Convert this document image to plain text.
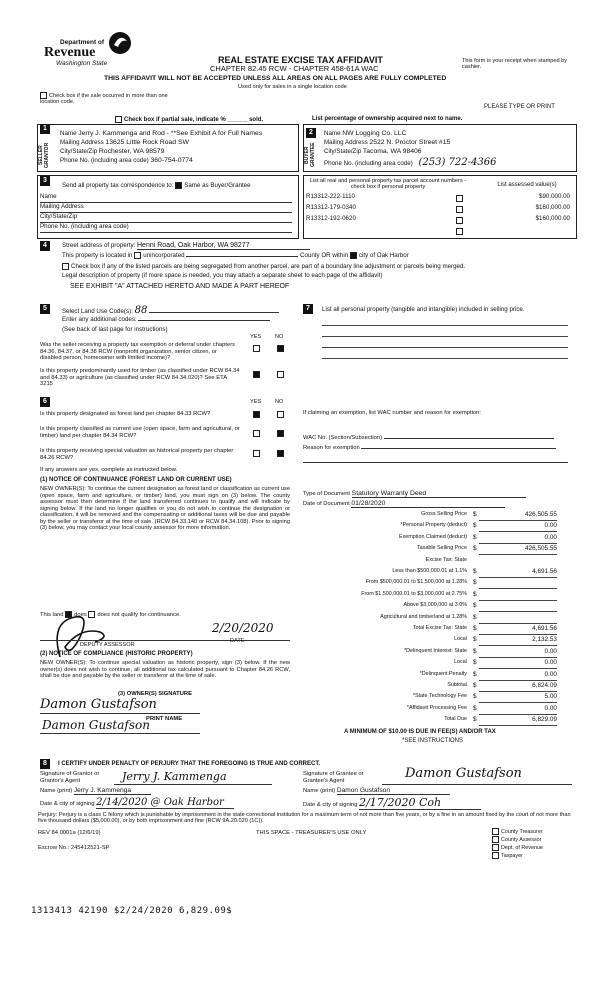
Department of
Revenue
Washington State	REAL ESTATE EXCISE TAX AFFIDAVIT
CHAPTER 82.45 RCW - CHAPTER 458-61A WAC
This form is your receipt when stamped by cashier.
THIS AFFIDAVIT WILL NOT BE ACCEPTED UNLESS ALL AREAS ON ALL PAGES ARE FULLY COMPLETED
Used only for sales in a single location code
Check box if the sale occurred in more than one location code.
PLEASE TYPE OR PRINT
Check box if partial sale, indicate % ______ sold.	List percentage of ownership acquired next to name.
1
SELLER GRANTOR
Name Jerry J. Kammenga and Rod - **See Exhibit A for Full Names
Mailing Address 13625 Little Rock Road SW
City/State/Zip Rochester, WA 98579
Phone No. (including area code) 360-754-0774
2
BUYER GRANTEE
Name NW Logging Co. LLC
Mailing Address 2522 N. Proctor Street #15
City/State/Zip Tacoma, WA 98406
Phone No. (including area code) (253) 722-4366
3
Send all property tax correspondence to: Same as Buyer/Grantee
Name
Mailing Address
City/State/Zip
Phone No. (including area code)
List all real and personal property tax parcel account numbers - check box if personal property	List assessed value(s)
R13312-222-1110	$90,000.00
R13312-179-0340	$160,000.00
R13312-192-0620	$160,000.00
4	Street address of property: Henni Road, Oak Harbor, WA 98277
This property is located in unincorporated	County OR within city of Oak Harbor
Check box if any of the listed parcels are being segregated from another parcel, are part of a boundary line adjustment or parcels being merged.
Legal description of property (if more space is needed, you may attach a separate sheet to each page of the affidavit)
SEE EXHIBIT "A" ATTACHED HERETO AND MADE A PART HEREOF
5	Select Land Use Code(s): 88
Enter any additional codes:
(See back of last page for instructions)
YES NO
Was the seller receiving a property tax exemption or deferral under chapters 84.36, 84.37, or 84.38 RCW (nonprofit organization, senior citizen, or disabled person, homeowner with limited income)?
Is this property predominantly used for timber (as classified under RCW 84.34 and 84.33) or agriculture (as classified under RCW 84.34.020)? See ETA 3215
6	YES NO
Is this property designated as forest land per chapter 84.33 RCW?
Is this property classified as current use (open space, farm and agricultural, or timber) land per chapter 84.34 RCW?
Is this property receiving special valuation as historical property per chapter 84.26 RCW?
If any answers are yes, complete as instructed below.
(1) NOTICE OF CONTINUANCE (FOREST LAND OR CURRENT USE)
NEW OWNER(S): To continue the current designation as forest land or classification as current use (open space, farm and agriculture, or timber) land, you must sign on (3) below. The county assessor must then determine if the land transferred continues to qualify and will indicate by signing below. If the land no longer qualifies or you do not wish to continue the designation or classification, it will be removed and the compensating or additional taxes will be due and payable by the seller or transferor at the time of sale. (RCW 84.33.140 or RCW 84.34.108). Prior to signing (3) below, you may contact your local county assessor for more information.
This land does does not qualify for continuance.
2/20/2020
DEPUTY ASSESSOR
DATE
(2) NOTICE OF COMPLIANCE (HISTORIC PROPERTY)
NEW OWNER(S): To continue special valuation as historic property, sign (3) below. If the new owner(s) does not wish to continue, all additional tax calculated pursuant to Chapter 84.26 RCW, shall be due and payable by the seller or transferor at the time of sale.
(3) OWNER(S) SIGNATURE
Damon Gustafson
PRINT NAME
Damon Gustafson
7	List all personal property (tangible and intangible) included in selling price.
If claiming an exemption, list WAC number and reason for exemption:
WAC No. (Section/Subsection)
Reason for exemption
Type of Document Statutory Warranty Deed
Date of Document 01/28/2020
Gross Selling Price $	426,505.55
*Personal Property (deduct) $	0.00
Exemption Claimed (deduct) $	0.00
Taxable Selling Price $	426,505.55
Excise Tax: State
Less than $500,000.01 at 1.1% $	4,691.56
From $500,000.01 to $1,500,000 at 1.28% $
From $1,500,000.01 to $3,000,000 at 2.75% $
Above $3,000,000 at 3.0% $
Agricultural and timberland at 1.28% $
Total Excise Tax: State $	4,691.56
Local $	2,132.53
*Delinquent Interest: State $	0.00
Local $	0.00
*Delinquent Penalty $	0.00
Subtotal $	6,824.09
*State Technology Fee $	5.00
*Affidavit Processing Fee $	0.00
Total Due $	6,829.09
A MINIMUM OF $10.00 IS DUE IN FEE(S) AND/OR TAX
*SEE INSTRUCTIONS
8	I CERTIFY UNDER PENALTY OF PERJURY THAT THE FOREGOING IS TRUE AND CORRECT.
Signature of Grantor or Grantor's Agent	Jerry J. Kammenga
Name (print) Jerry J. Kammenga
Date & city of signing 2/14/2020 @ Oak Harbor
Signature of Grantee or Grantee's Agent	Damon Gustafson
Name (print) Damon Gustafson
Date & city of signing 2/17/2020 Coh
Perjury: Perjury is a class C felony which is punishable by imprisonment in the state correctional institution for a maximum term of not more than five years, or by a fine in an amount fixed by the court of not more than five thousand dollars ($5,000.00), or by both imprisonment and fine (RCW 9A.20.020 (1C)).
REV 84 0001a (12/6/19)	THIS SPACE - TREASURER'S USE ONLY
Escrow No.: 245412521-SP
County Treasurer
County Assessor
Dept. of Revenue
Taxpayer
1313413 42190 $2/24/2020 6,829.09$
